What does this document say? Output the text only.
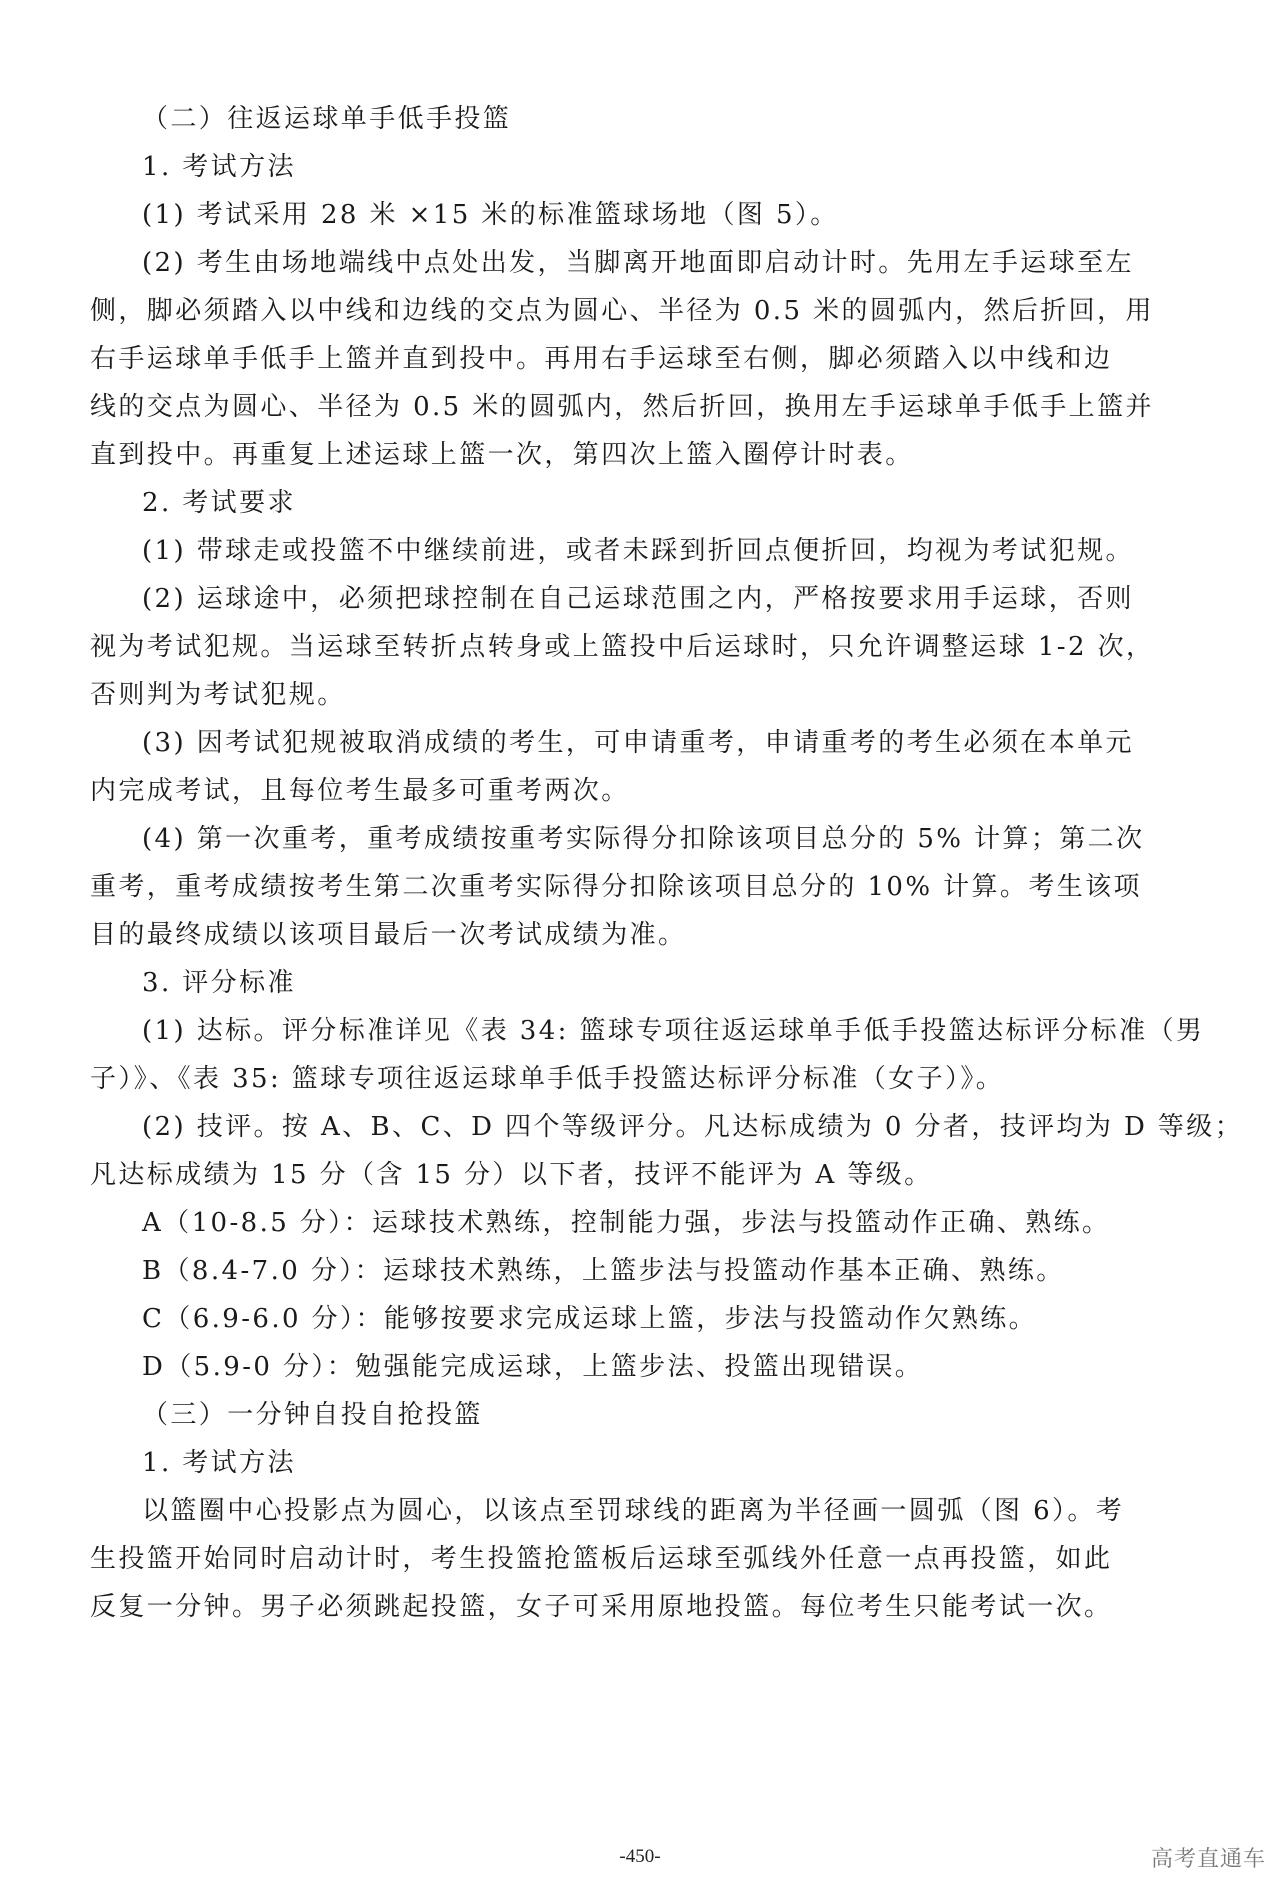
（二）往返运球单手低手投篮

1. 考试方法

(1) 考试采用 28 米 ×15 米的标准篮球场地（图 5）。

(2) 考生由场地端线中点处出发，当脚离开地面即启动计时。先用左手运球至左

侧，脚必须踏入以中线和边线的交点为圆心、半径为 0.5 米的圆弧内，然后折回，用

右手运球单手低手上篮并直到投中。再用右手运球至右侧，脚必须踏入以中线和边

线的交点为圆心、半径为 0.5 米的圆弧内，然后折回，换用左手运球单手低手上篮并

直到投中。再重复上述运球上篮一次，第四次上篮入圈停计时表。

2. 考试要求

(1) 带球走或投篮不中继续前进，或者未踩到折回点便折回，均视为考试犯规。

(2) 运球途中，必须把球控制在自己运球范围之内，严格按要求用手运球，否则

视为考试犯规。当运球至转折点转身或上篮投中后运球时，只允许调整运球 1-2 次，

否则判为考试犯规。

(3) 因考试犯规被取消成绩的考生，可申请重考，申请重考的考生必须在本单元

内完成考试，且每位考生最多可重考两次。

(4) 第一次重考，重考成绩按重考实际得分扣除该项目总分的 5% 计算；第二次

重考，重考成绩按考生第二次重考实际得分扣除该项目总分的 10% 计算。考生该项

目的最终成绩以该项目最后一次考试成绩为准。

3. 评分标准

(1) 达标。评分标准详见《表 34: 篮球专项往返运球单手低手投篮达标评分标准（男

子）》、《表 35: 篮球专项往返运球单手低手投篮达标评分标准（女子）》。

(2) 技评。按 A、B、C、D 四个等级评分。凡达标成绩为 0 分者，技评均为 D 等级；

凡达标成绩为 15 分（含 15 分）以下者，技评不能评为 A 等级。

A（10-8.5 分）：运球技术熟练，控制能力强，步法与投篮动作正确、熟练。

B（8.4-7.0 分）：运球技术熟练，上篮步法与投篮动作基本正确、熟练。

C（6.9-6.0 分）：能够按要求完成运球上篮，步法与投篮动作欠熟练。

D（5.9-0 分）：勉强能完成运球，上篮步法、投篮出现错误。

（三）一分钟自投自抢投篮

1. 考试方法

以篮圈中心投影点为圆心，以该点至罚球线的距离为半径画一圆弧（图 6）。考

生投篮开始同时启动计时，考生投篮抢篮板后运球至弧线外任意一点再投篮，如此

反复一分钟。男子必须跳起投篮，女子可采用原地投篮。每位考生只能考试一次。

-450-	高考直通车
